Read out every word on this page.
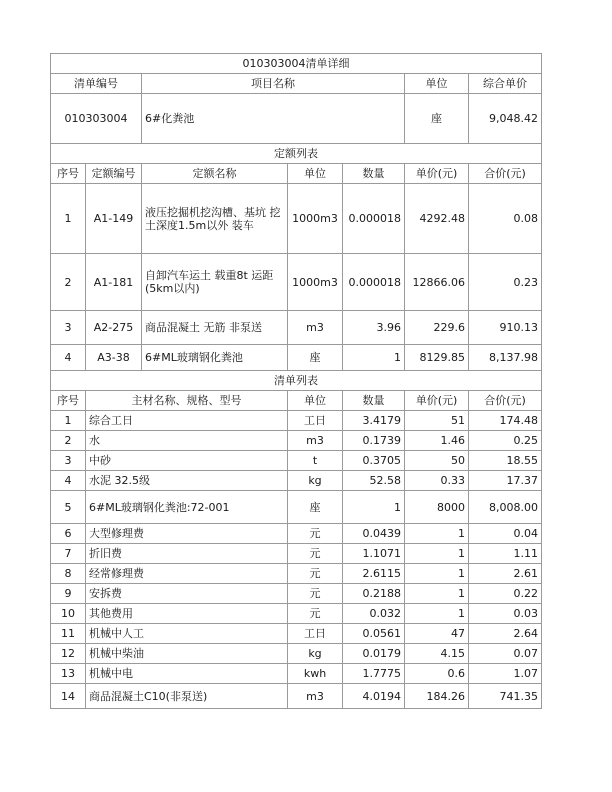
010303004清单详细						
清单编号		项目名称			单位	综合单价
010303004		6#化粪池			座	9,048.42
定额列表						
序号	定额编号	定额名称	单位	数量	单价(元)	合价(元)
1	A1-149	液压挖掘机挖沟槽、基坑 挖土深度1.5m以外 装车	1000m3	0.000018	4292.48	0.08
2	A1-181	自卸汽车运土 载重8t 运距(5km以内)	1000m3	0.000018	12866.06	0.23
3	A2-275	商品混凝土 无筋 非泵送	m3	3.96	229.6	910.13
4	A3-38	6#ML玻璃钢化粪池	座	1	8129.85	8,137.98
清单列表						
序号	主材名称、规格、型号		单位	数量	单价(元)	合价(元)
1	综合工日		工日	3.4179	51	174.48
2	水		m3	0.1739	1.46	0.25
3	中砂		t	0.3705	50	18.55
4	水泥 32.5级		kg	52.58	0.33	17.37
5	6#ML玻璃钢化粪池:72-001		座	1	8000	8,008.00
6	大型修理费		元	0.0439	1	0.04
7	折旧费		元	1.1071	1	1.11
8	经常修理费		元	2.6115	1	2.61
9	安拆费		元	0.2188	1	0.22
10	其他费用		元	0.032	1	0.03
11	机械中人工		工日	0.0561	47	2.64
12	机械中柴油		kg	0.0179	4.15	0.07
13	机械中电		kwh	1.7775	0.6	1.07
14	商品混凝土C10(非泵送)		m3	4.0194	184.26	741.35
